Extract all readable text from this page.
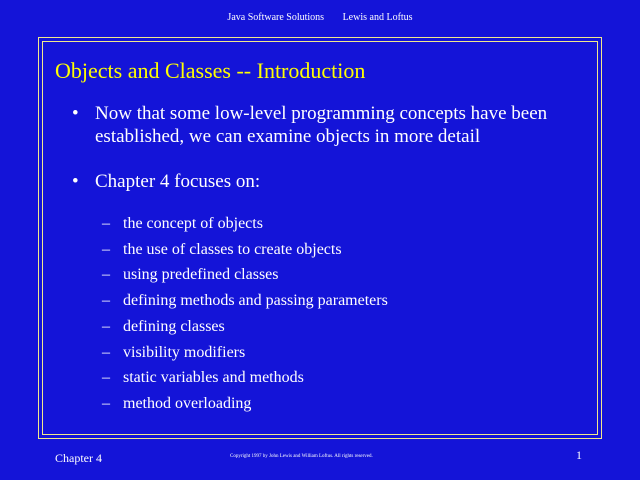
Java Software Solutions Lewis and Loftus
Objects and Classes -- Introduction
• Now that some low-level programming concepts have been established, we can examine objects in more detail
• Chapter 4 focuses on:
– the concept of objects
– the use of classes to create objects
– using predefined classes
– defining methods and passing parameters
– defining classes
– visibility modifiers
– static variables and methods
– method overloading
Chapter 4	Copyright 1997 by John Lewis and William Loftus. All rights reserved.	1
